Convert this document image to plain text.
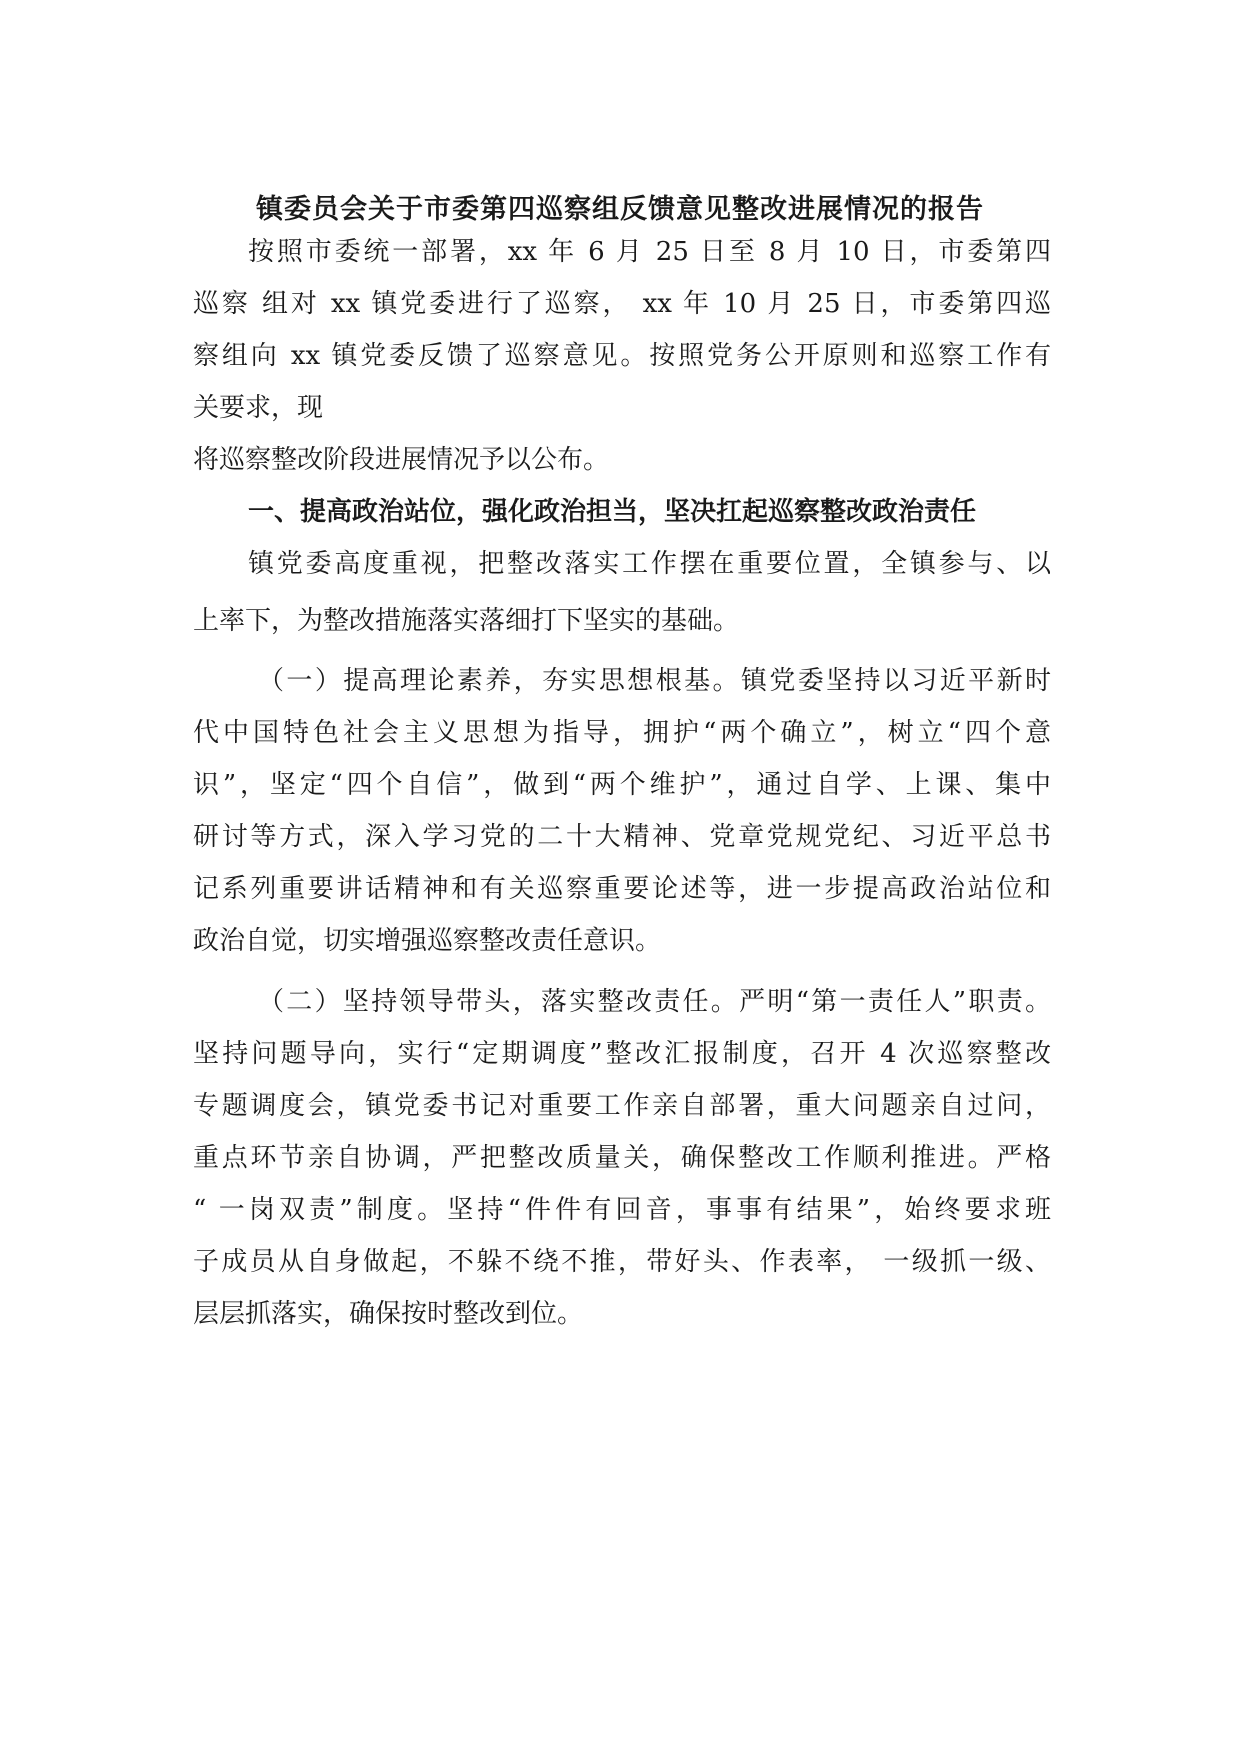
镇委员会关于市委第四巡察组反馈意见整改进展情况的报告

按照市委统一部署，xx 年 6 月 25 日至 8 月 10 日，市委第四

巡察 组对 xx 镇党委进行了巡察， xx 年 10 月 25 日，市委第四巡

察组向 xx 镇党委反馈了巡察意见。按照党务公开原则和巡察工作有

关要求，现

将巡察整改阶段进展情况予以公布。

一、提高政治站位，强化政治担当，坚决扛起巡察整改政治责任

镇党委高度重视，把整改落实工作摆在重要位置，全镇参与、以

上率下，为整改措施落实落细打下坚实的基础。

（一）提高理论素养，夯实思想根基。镇党委坚持以习近平新时

代中国特色社会主义思想为指导，拥护“两个确立”，树立“四个意

识”，坚定“四个自信”，做到“两个维护”，通过自学、上课、集中

研讨等方式，深入学习党的二十大精神、党章党规党纪、习近平总书

记系列重要讲话精神和有关巡察重要论述等，进一步提高政治站位和

政治自觉，切实增强巡察整改责任意识。

（二）坚持领导带头，落实整改责任。严明“第一责任人”职责。

坚持问题导向，实行“定期调度”整改汇报制度，召开 4 次巡察整改

专题调度会，镇党委书记对重要工作亲自部署，重大问题亲自过问，

重点环节亲自协调，严把整改质量关，确保整改工作顺利推进。严格

“ 一岗双责”制度。坚持“件件有回音，事事有结果”，始终要求班

子成员从自身做起，不躲不绕不推，带好头、作表率， 一级抓一级、

层层抓落实，确保按时整改到位。
